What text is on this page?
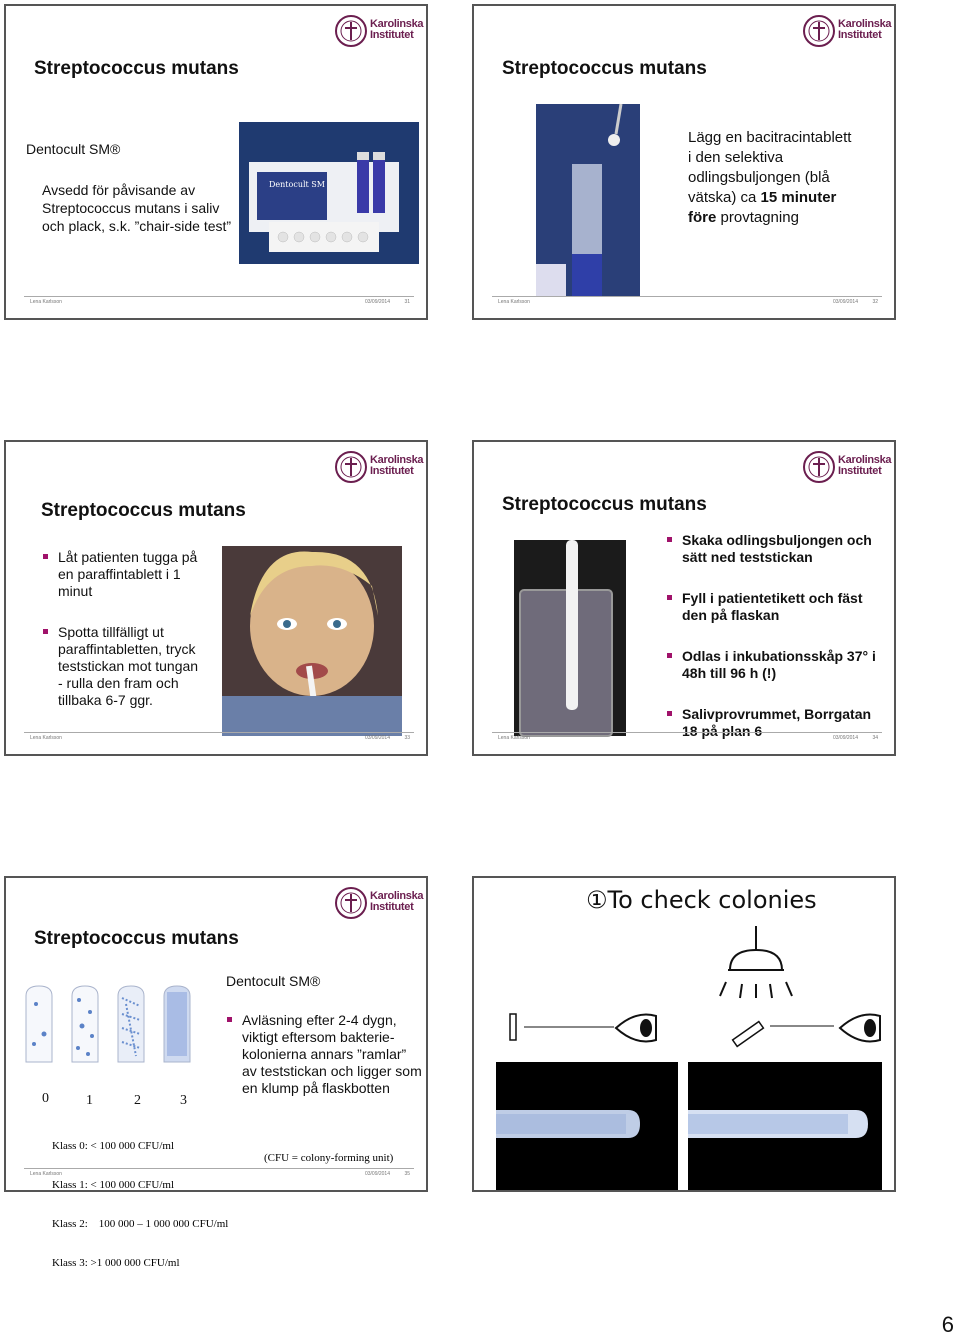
Karolinska
Institutet
Streptococcus mutans
Dentocult SM®
Avsedd för påvisande av
Streptococcus mutans i saliv
och plack, s.k. ”chair-side test”
Dentocult SM
Lena Karlsson	03/09/2014	31
Karolinska
Institutet
Streptococcus mutans
Lägg en bacitracintablett
i den selektiva
odlingsbuljongen (blå
vätska) ca 15 minuter
före provtagning
Lena Karlsson	03/09/2014	32
Karolinska
Institutet
Streptococcus mutans
Låt patienten tugga på
en paraffintablett i 1
minut
Spotta tillfälligt ut
paraffintabletten, tryck
teststickan mot tungan
- rulla den fram och
tillbaka 6-7 ggr.
Lena Karlsson	03/09/2014	33
Karolinska
Institutet
Streptococcus mutans
Skaka odlingsbuljongen och
sätt ned teststickan
Fyll i patientetikett och fäst
den på flaskan
Odlas i inkubationsskåp 37° i
48h till 96 h (!)
Salivprovrummet, Borrgatan
18 på plan 6
Lena Karlsson	03/09/2014	34
Karolinska
Institutet
Streptococcus mutans
Dentocult SM®
0	1	2	3

Klass 0: < 100 000 CFU/ml

Klass 1: < 100 000 CFU/ml

Klass 2:    100 000 – 1 000 000 CFU/ml

Klass 3: >1 000 000 CFU/ml

Avläsning efter 2-4 dygn,
viktigt eftersom bakterie-
kolonierna annars ”ramlar”
av teststickan och ligger som
en klump på flaskbotten
(CFU = colony-forming unit)
Lena Karlsson	03/09/2014	35
①To check colonies
6
